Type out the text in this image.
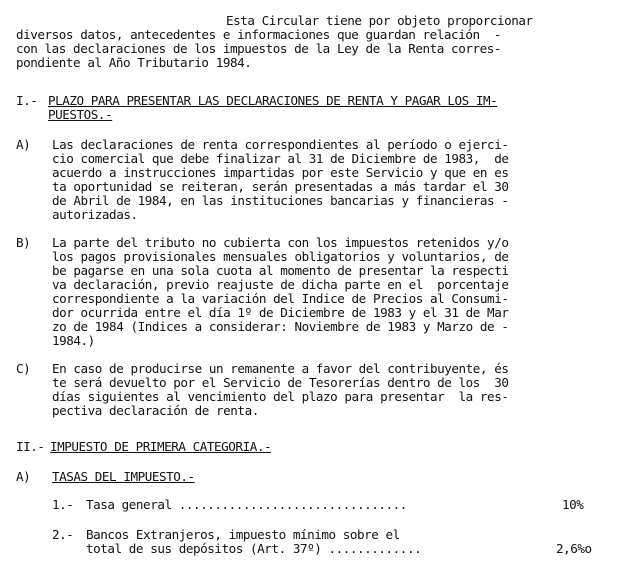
Esta Circular tiene por objeto proporcionar
diversos datos, antecedentes e informaciones que guardan relación  -
con las declaraciones de los impuestos de la Ley de la Renta corres-
pondiente al Año Tributario 1984.
I.- PLAZO PARA PRESENTAR LAS DECLARACIONES DE RENTA Y PAGAR LOS IM-
PUESTOS.-
A) Las declaraciones de renta correspondientes al período o ejerci-
cio comercial que debe finalizar al 31 de Diciembre de 1983,  de
acuerdo a instrucciones impartidas por este Servicio y que en es
ta oportunidad se reiteran, serán presentadas a más tardar el 30
de Abril de 1984, en las instituciones bancarias y financieras -
autorizadas.
B) La parte del tributo no cubierta con los impuestos retenidos y/o
los pagos provisionales mensuales obligatorios y voluntarios, de
be pagarse en una sola cuota al momento de presentar la respecti
va declaración, previo reajuste de dicha parte en el  porcentaje
correspondiente a la variación del Indice de Precios al Consumi-
dor ocurrida entre el día 1º de Diciembre de 1983 y el 31 de Mar
zo de 1984 (Indices a considerar: Noviembre de 1983 y Marzo de -
1984.)
C) En caso de producirse un remanente a favor del contribuyente, és
te será devuelto por el Servicio de Tesorerías dentro de los  30
días siguientes al vencimiento del plazo para presentar  la res-
pectiva declaración de renta.
II.- IMPUESTO DE PRIMERA CATEGORIA.-
A) TASAS DEL IMPUESTO.-
1.- Tasa general ................................	10%
2.- Bancos Extranjeros, impuesto mínimo sobre el
total de sus depósitos (Art. 37º) .............	2,6%o
